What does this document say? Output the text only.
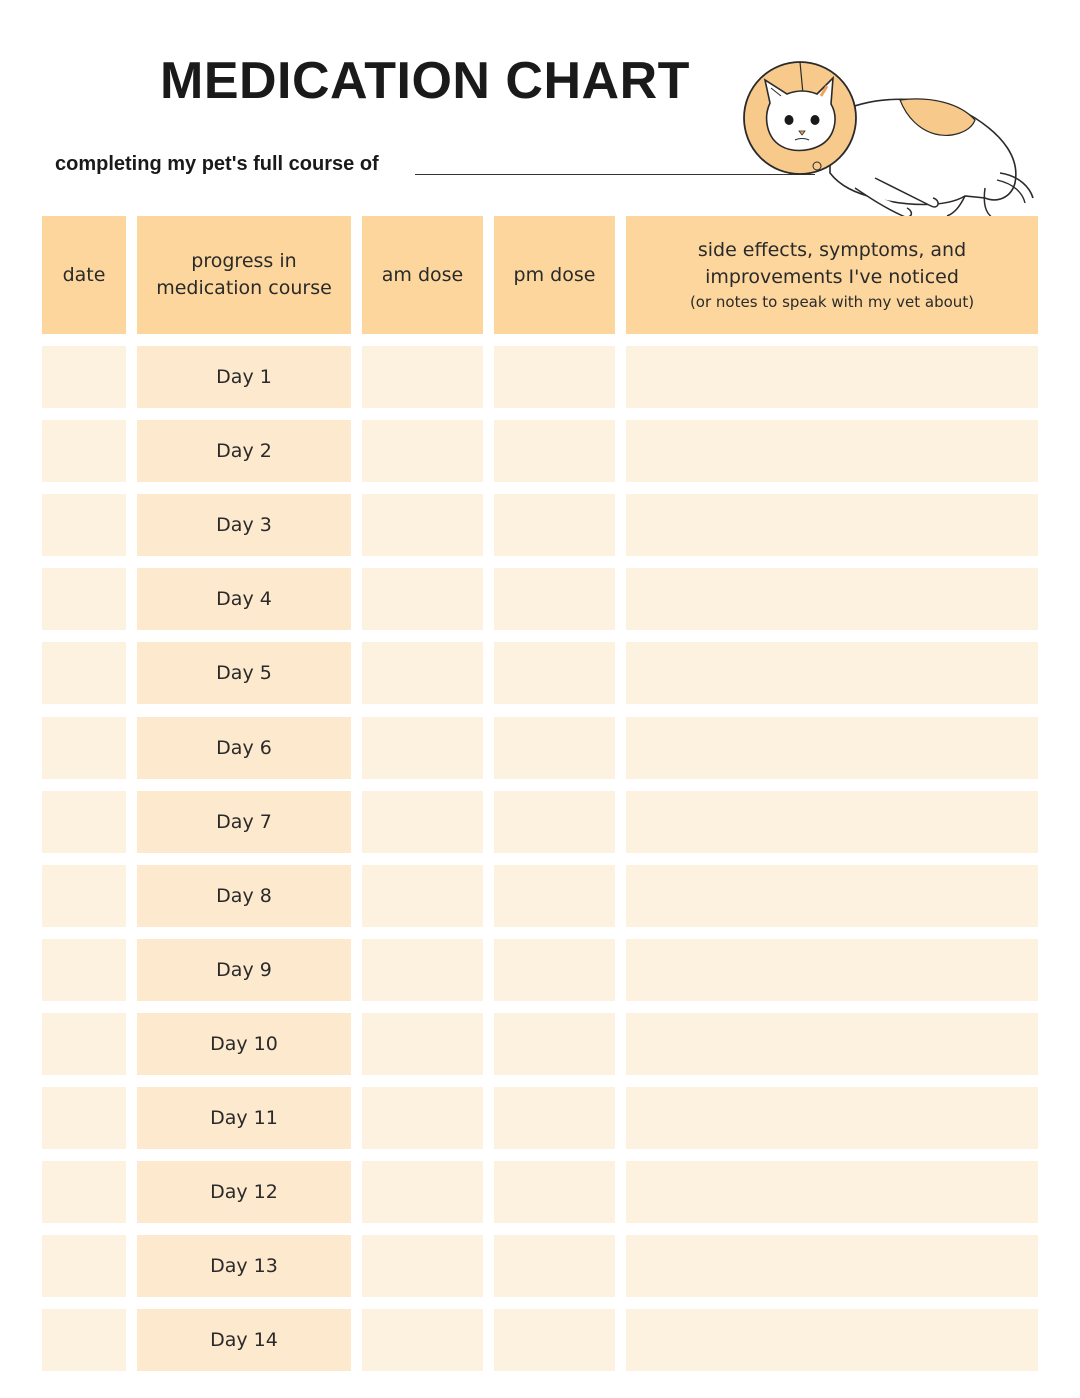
MEDICATION CHART
completing my pet's full course of
date
progress in medication course
am dose	pm dose
side effects, symptoms, and improvements I've noticed
(or notes to speak with my vet about)
Day 1
Day 2
Day 3
Day 4
Day 5
Day 6
Day 7
Day 8
Day 9
Day 10
Day 11
Day 12
Day 13
Day 14
